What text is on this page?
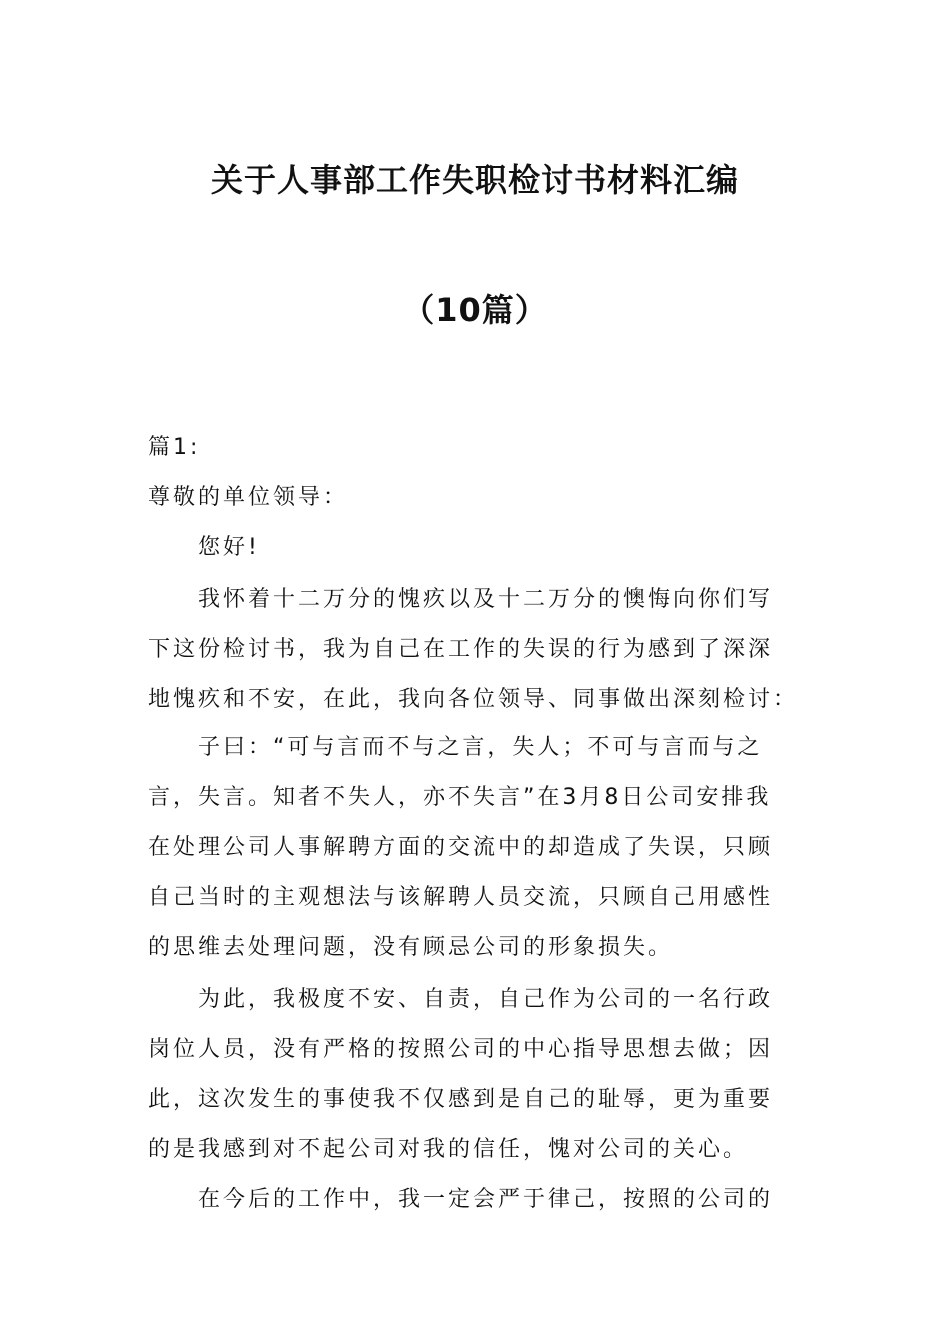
关于人事部工作失职检讨书材料汇编
（10篇）

篇1:

尊敬的单位领导：

您好!

我怀着十二万分的愧疚以及十二万分的懊悔向你们写

下这份检讨书，我为自己在工作的失误的行为感到了深深

地愧疚和不安，在此，我向各位领导、同事做出深刻检讨：

子曰：“可与言而不与之言，失人；不可与言而与之

言，失言。知者不失人，亦不失言”在3月8日公司安排我

在处理公司人事解聘方面的交流中的却造成了失误，只顾

自己当时的主观想法与该解聘人员交流，只顾自己用感性

的思维去处理问题，没有顾忌公司的形象损失。

为此，我极度不安、自责，自己作为公司的一名行政

岗位人员，没有严格的按照公司的中心指导思想去做；因

此，这次发生的事使我不仅感到是自己的耻辱，更为重要

的是我感到对不起公司对我的信任，愧对公司的关心。

在今后的工作中，我一定会严于律己，按照的公司的
